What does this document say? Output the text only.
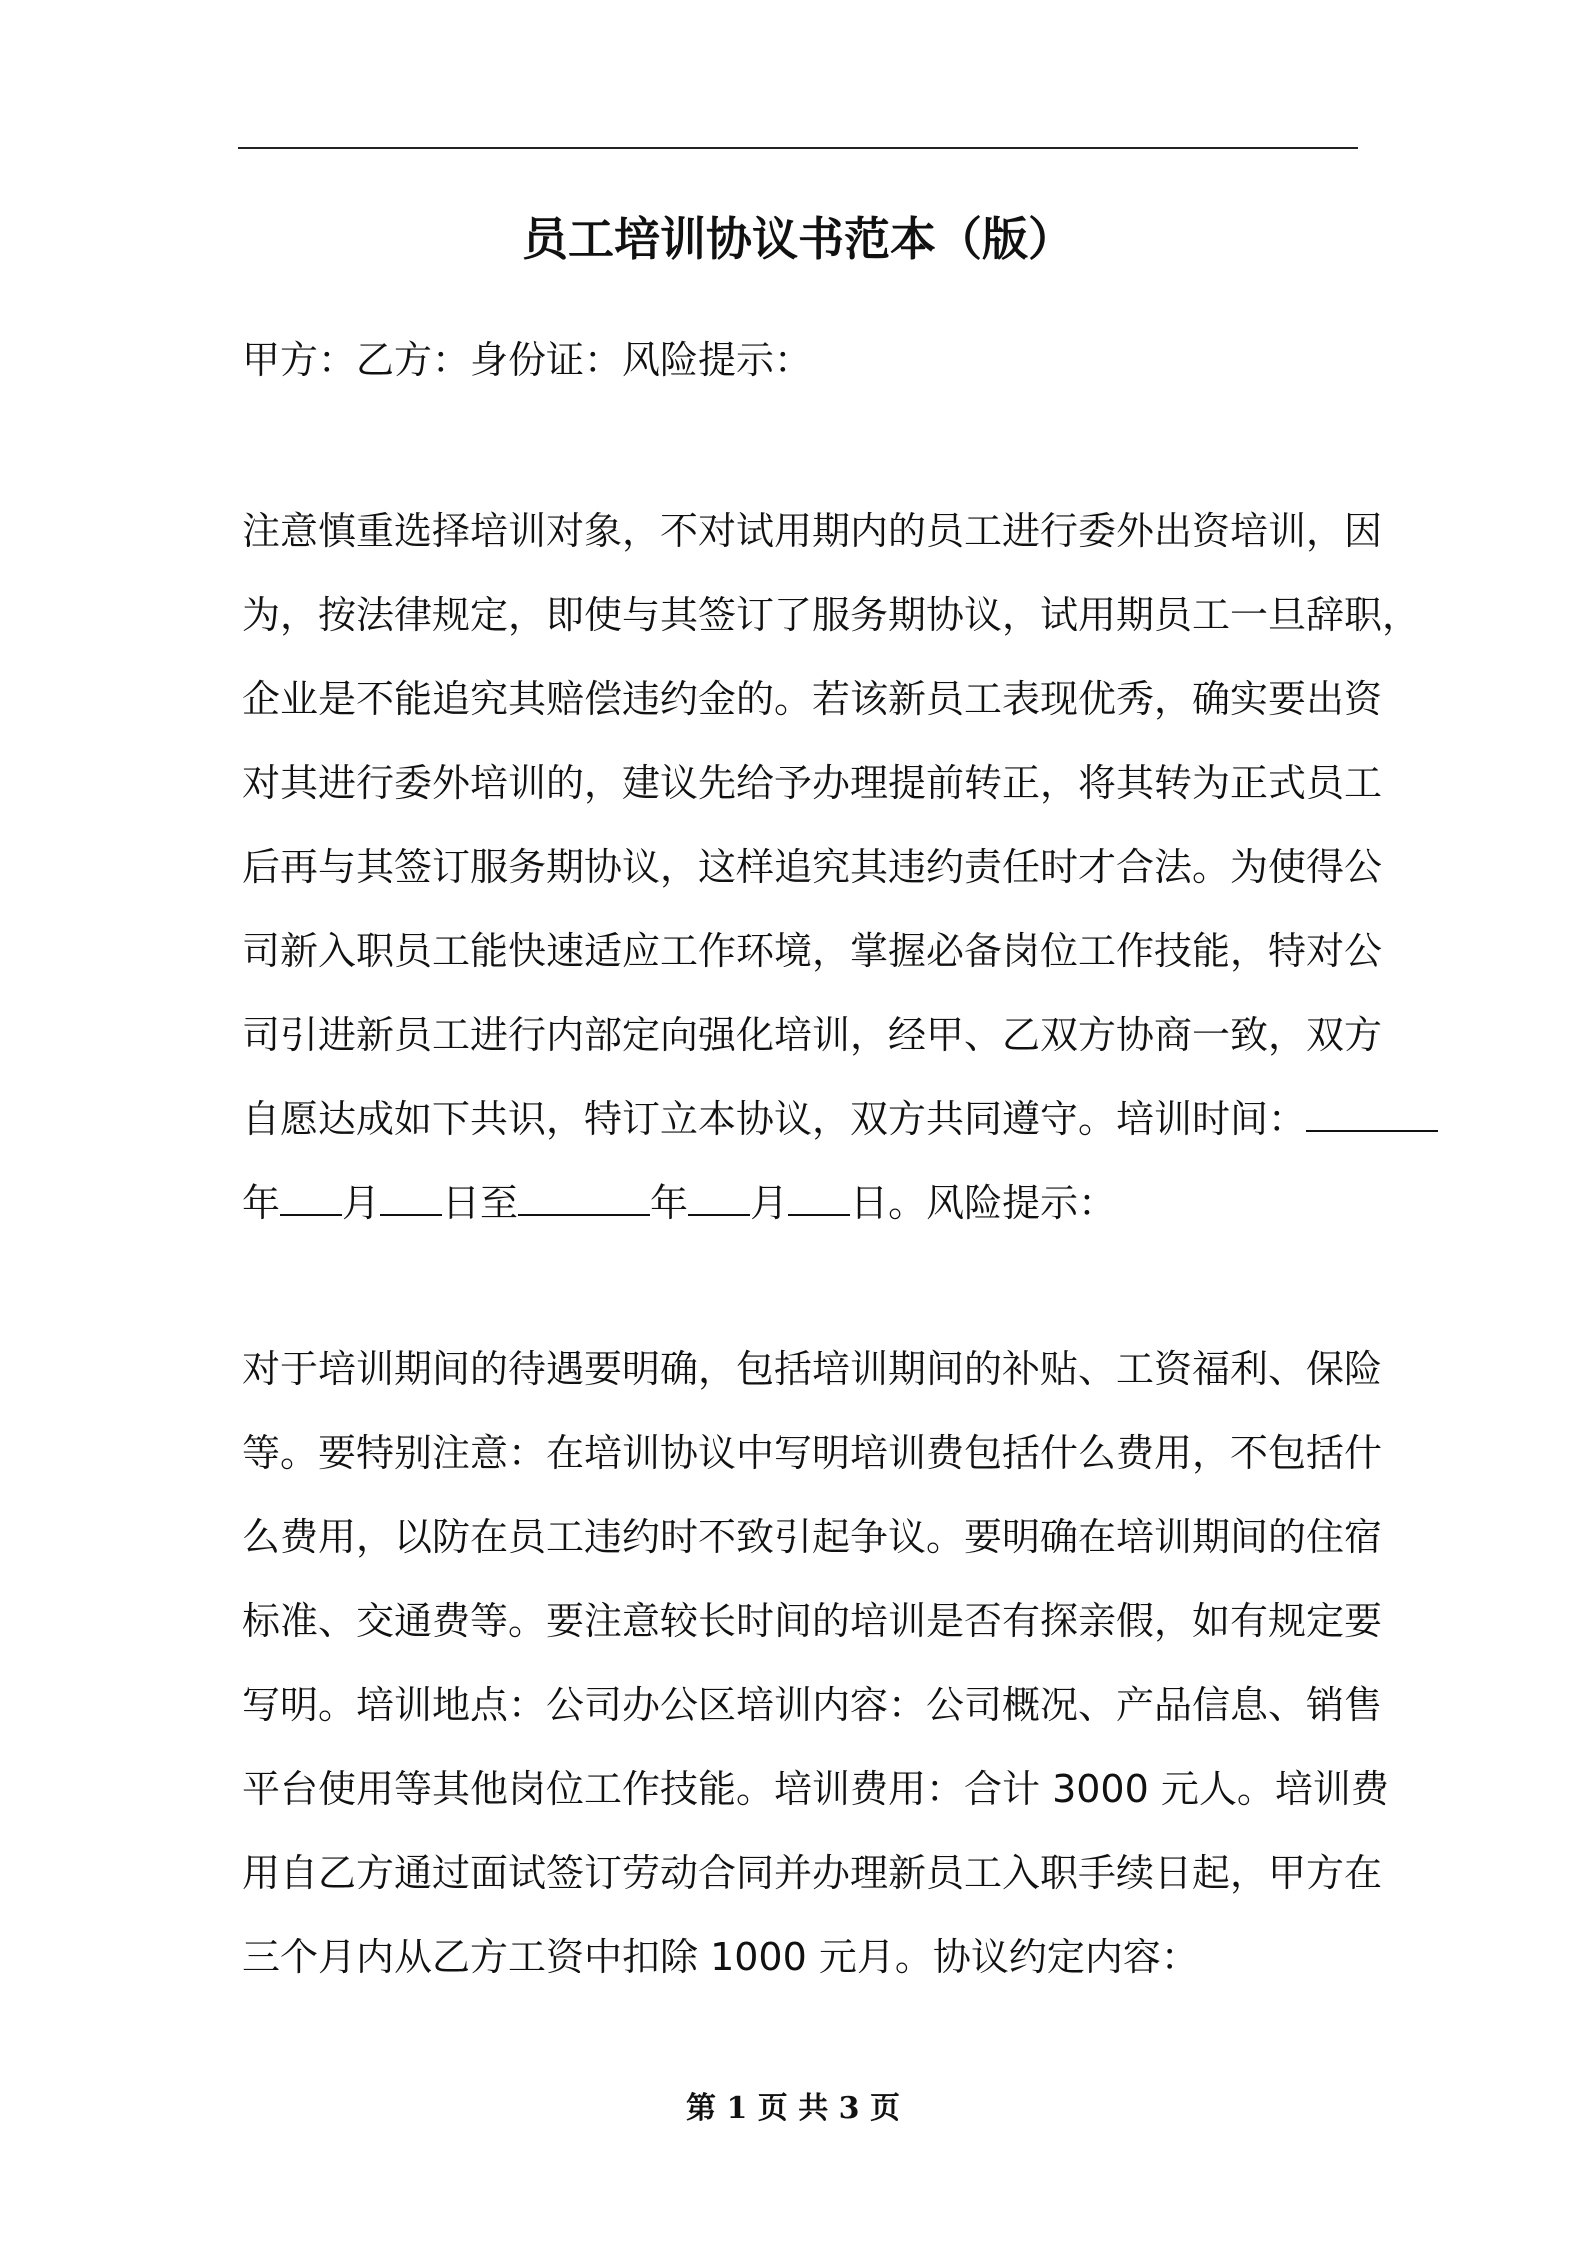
员工培训协议书范本（版）

甲方：乙方：身份证：风险提示：

注意慎重选择培训对象，不对试用期内的员工进行委外出资培训，因
为，按法律规定，即使与其签订了服务期协议，试用期员工一旦辞职，
企业是不能追究其赔偿违约金的。若该新员工表现优秀，确实要出资
对其进行委外培训的，建议先给予办理提前转正，将其转为正式员工
后再与其签订服务期协议，这样追究其违约责任时才合法。为使得公
司新入职员工能快速适应工作环境，掌握必备岗位工作技能，特对公
司引进新员工进行内部定向强化培训，经甲、乙双方协商一致，双方
自愿达成如下共识，特订立本协议，双方共同遵守。培训时间：
年 月 日至	年 月 日。风险提示：
对于培训期间的待遇要明确，包括培训期间的补贴、工资福利、保险
等。要特别注意：在培训协议中写明培训费包括什么费用，不包括什
么费用，以防在员工违约时不致引起争议。要明确在培训期间的住宿
标准、交通费等。要注意较长时间的培训是否有探亲假，如有规定要
写明。培训地点：公司办公区培训内容：公司概况、产品信息、销售
平台使用等其他岗位工作技能。培训费用：合计 3000 元人。培训费
用自乙方通过面试签订劳动合同并办理新员工入职手续日起，甲方在
三个月内从乙方工资中扣除 1000 元月。协议约定内容：

第 1 页 共 3 页
